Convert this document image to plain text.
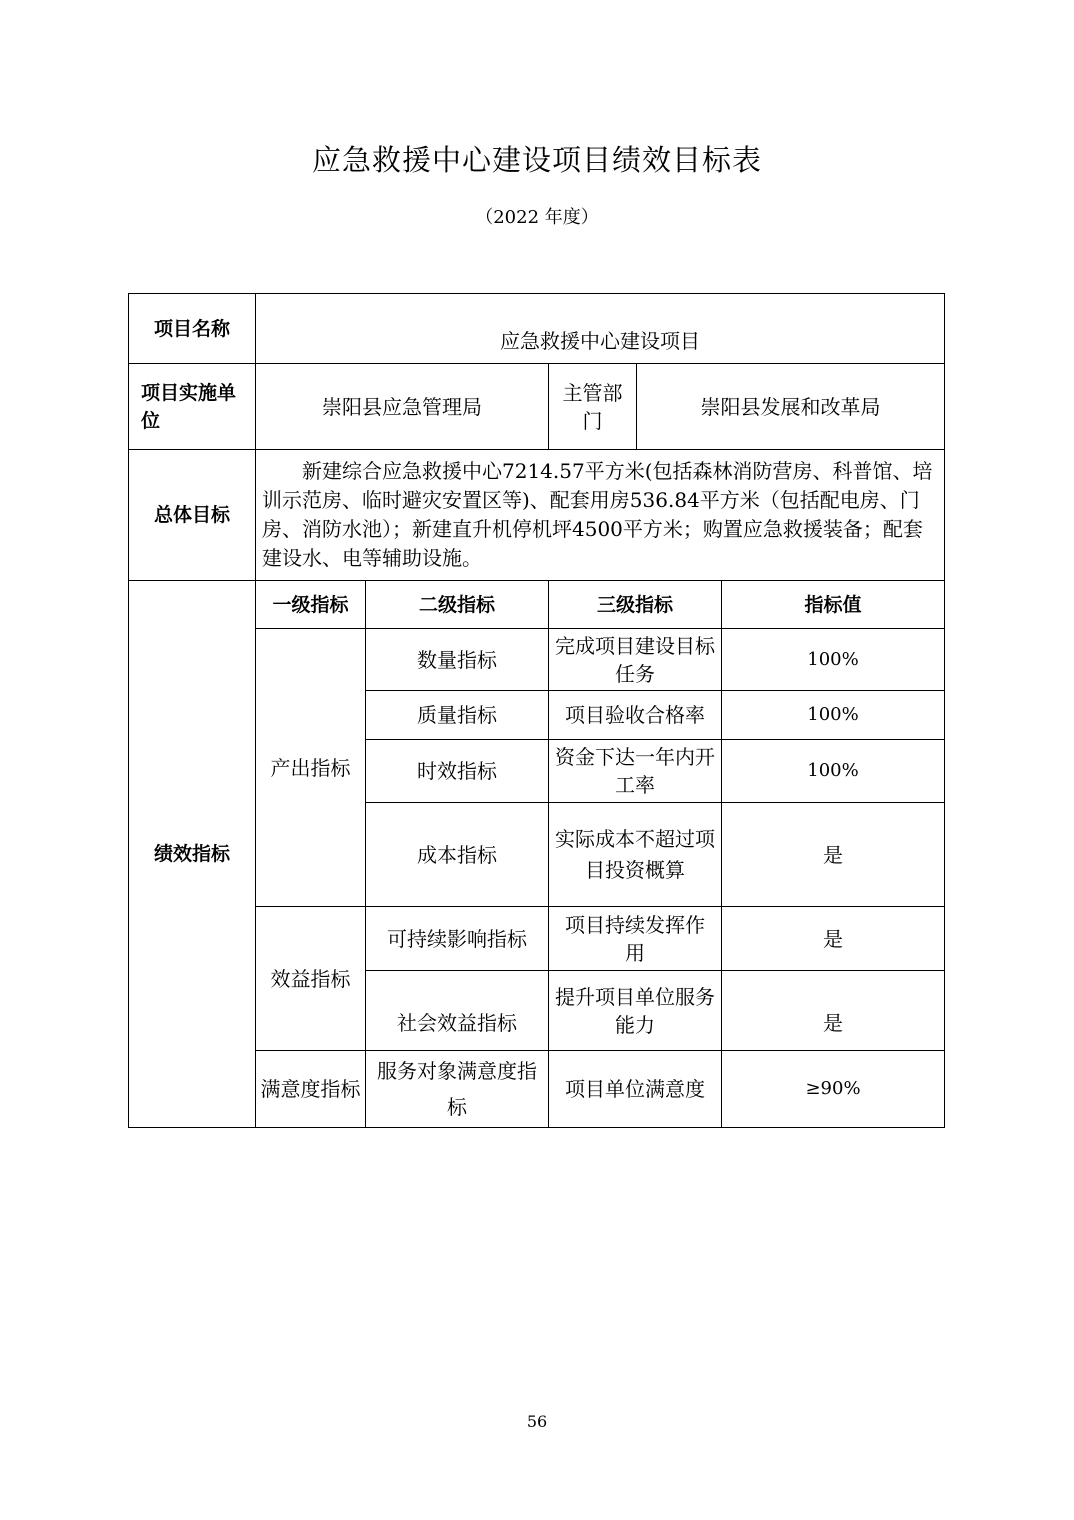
应急救援中心建设项目绩效目标表
（2022 年度）
项目名称	应急救援中心建设项目				
项目实施单位	崇阳县应急管理局		主管部门	崇阳县发展和改革局	
总体目标	新建综合应急救援中心7214.57平方米(包括森林消防营房、科普馆、培训示范房、临时避灾安置区等)、配套用房536.84平方米（包括配电房、门房、消防水池）；新建直升机停机坪4500平方米；购置应急救援装备；配套建设水、电等辅助设施。				
绩效指标	一级指标	二级指标	三级指标		指标值
	产出指标	数量指标	完成项目建设目标任务		100%
		质量指标	项目验收合格率		100%
		时效指标	资金下达一年内开工率		100%
		成本指标	实际成本不超过项目投资概算		是
	效益指标	可持续影响指标	项目持续发挥作 用		是
		社会效益指标	提升项目单位服务能力		是
	满意度指标	服务对象满意度指 标	项目单位满意度		≥90%
56
